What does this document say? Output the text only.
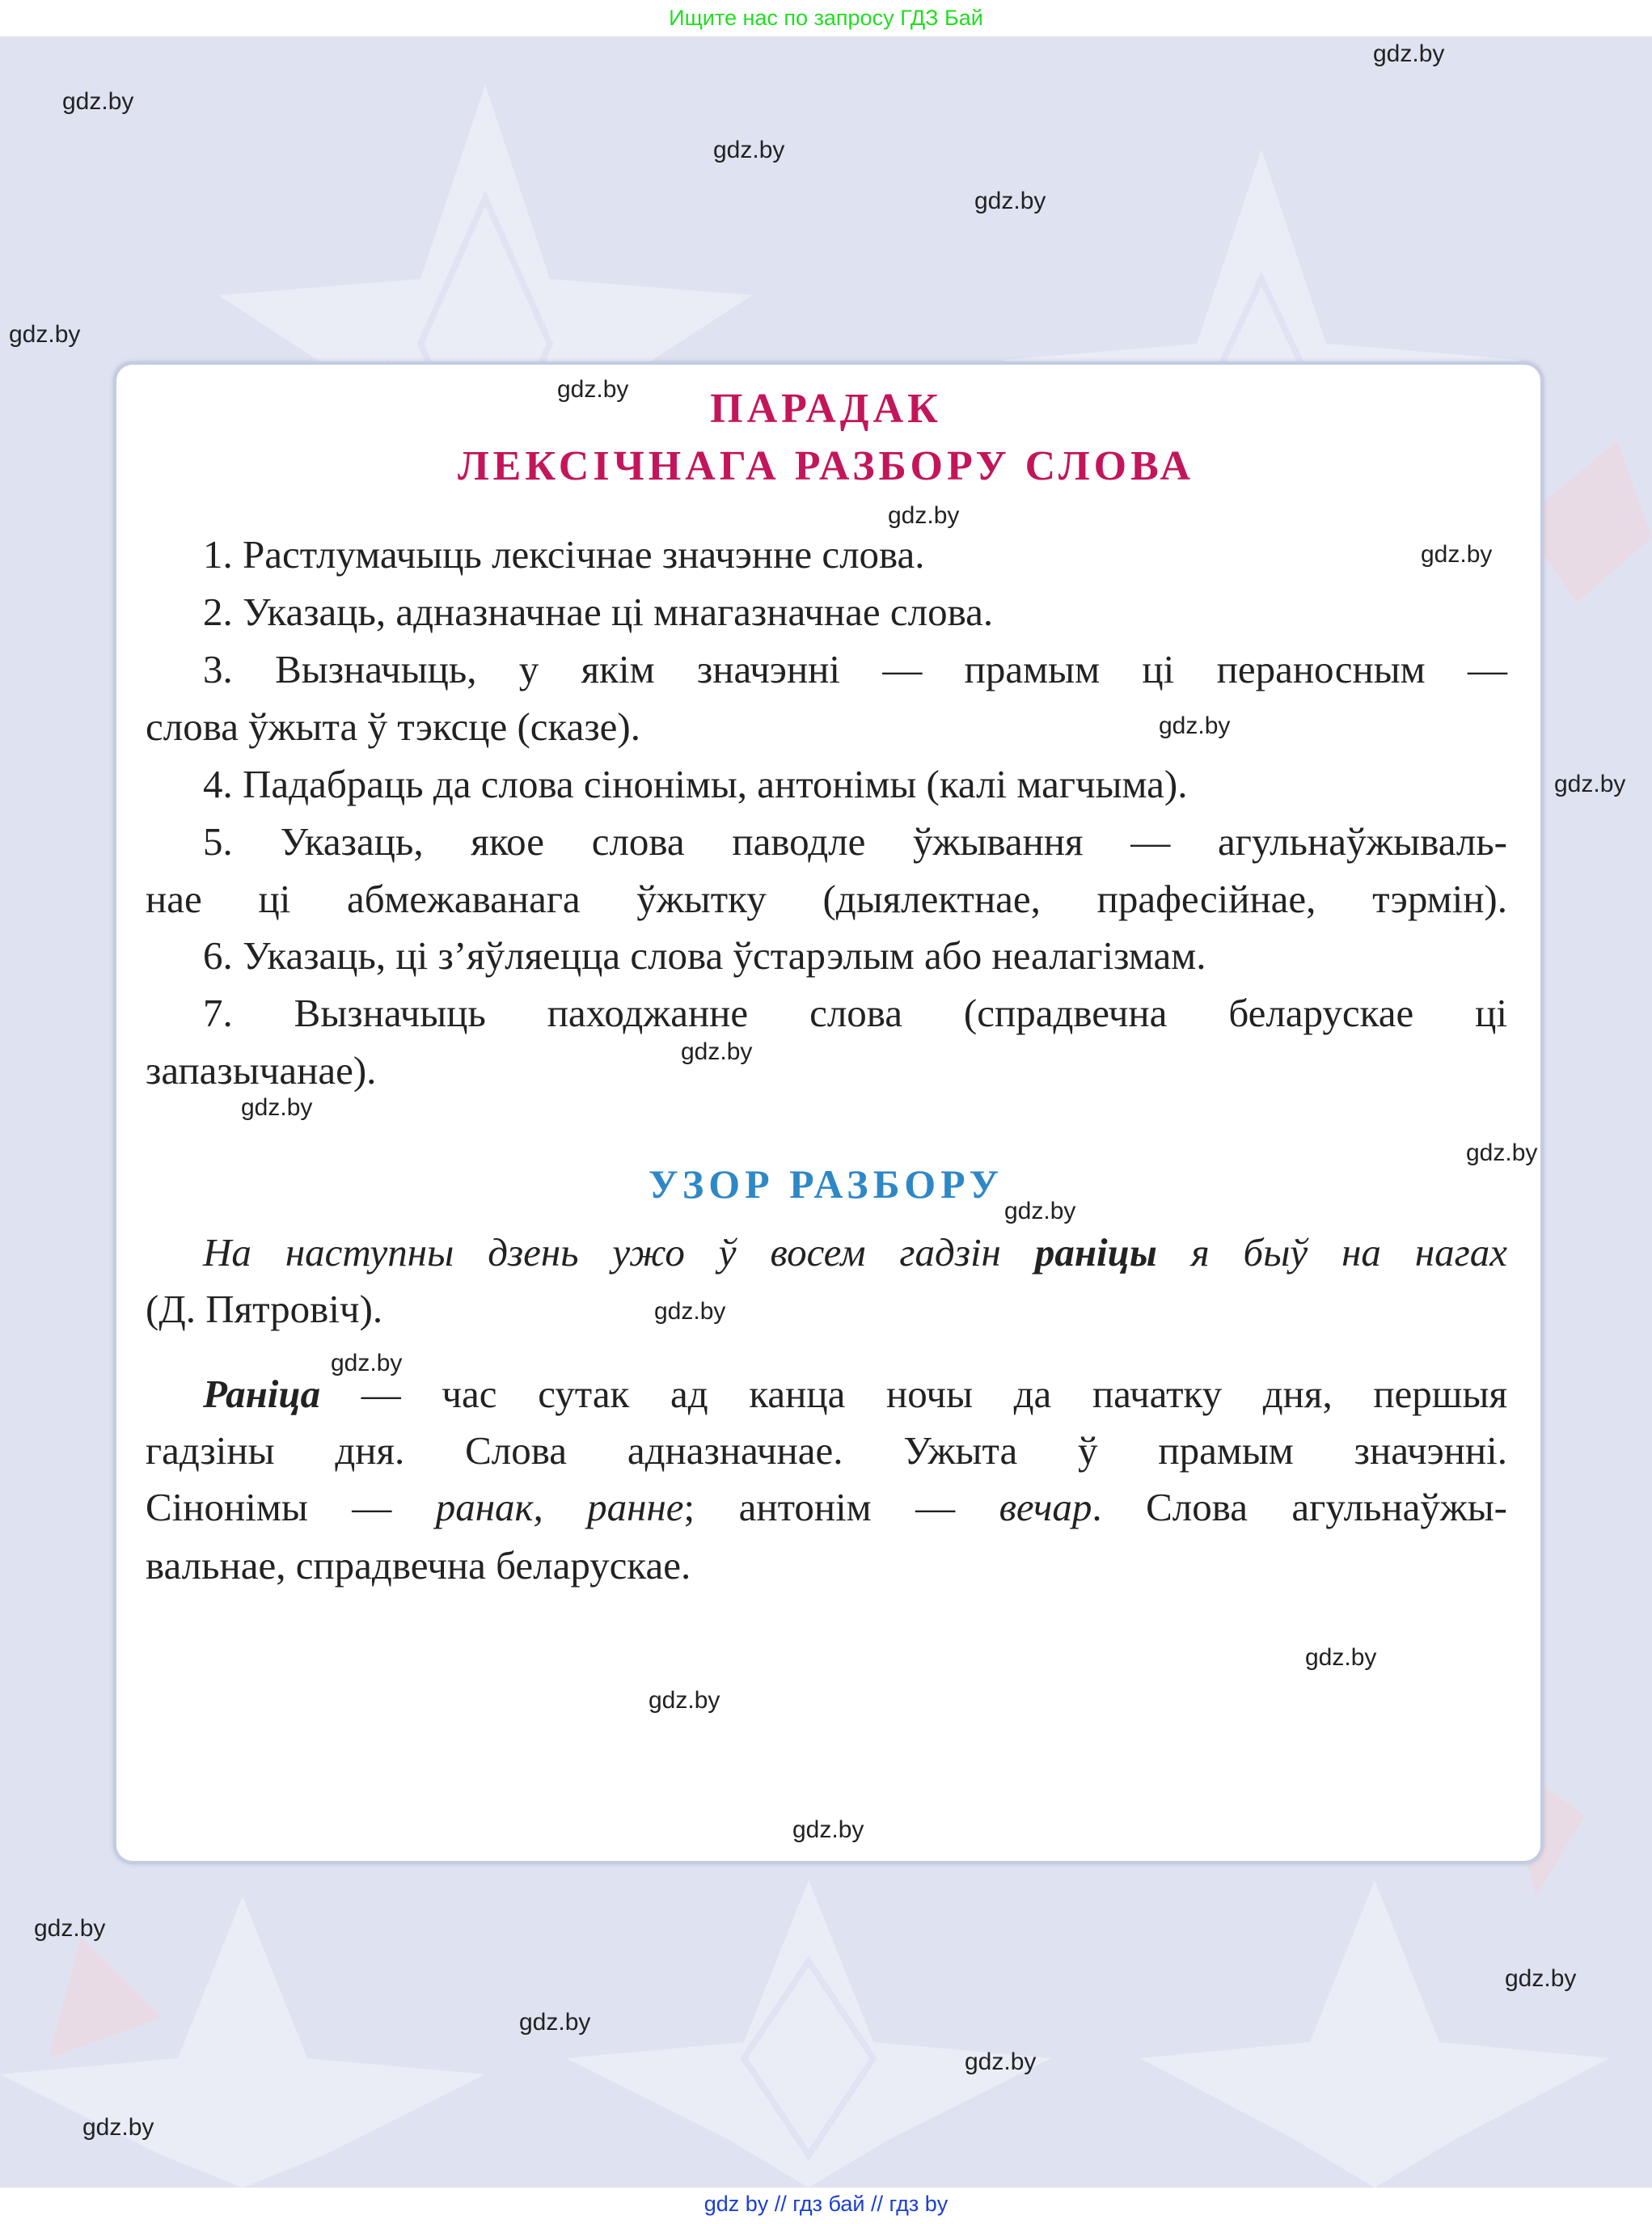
Ищите нас по запросу ГДЗ Бай
ПАРАДАК
ЛЕКСІЧНАГА РАЗБОРУ СЛОВА
1. Растлумачыць лексічнае значэнне слова.
2. Указаць, адназначнае ці мнагазначнае слова.
3. Вызначыць, у якім значэнні — прамым ці пераносным —
слова ўжыта ў тэксце (сказе).
4. Падабраць да слова сінонімы, антонімы (калі магчыма).
5. Указаць, якое слова паводле ўжывання — агульнаўжываль-
нае ці абмежаванага ўжытку (дыялектнае, прафесійнае, тэрмін).
6. Указаць, ці з’яўляецца слова ўстарэлым або неалагізмам.
7. Вызначыць паходжанне слова (спрадвечна беларускае ці
запазычанае).
УЗОР РАЗБОРУ
На наступны дзень ужо ў восем гадзін раніцы я быў на нагах
(Д. Пятровіч).
Раніца — час сутак ад канца ночы да пачатку дня, першыя
гадзіны дня. Слова адназначнае. Ужыта ў прамым значэнні.
Сінонімы — ранак, ранне; антонім — вечар. Слова агульнаўжы-
вальнае, спрадвечна беларускае.
gdz.by
gdz.by
gdz.by
gdz.by
gdz.by
gdz.by
gdz.by
gdz.by
gdz.by
gdz.by
gdz.by
gdz.by
gdz.by
gdz.by
gdz.by
gdz.by
gdz.by
gdz.by
gdz.by
gdz.by
gdz.by
gdz.by
gdz.by
gdz.by
gdz by // гдз бай // гдз by
